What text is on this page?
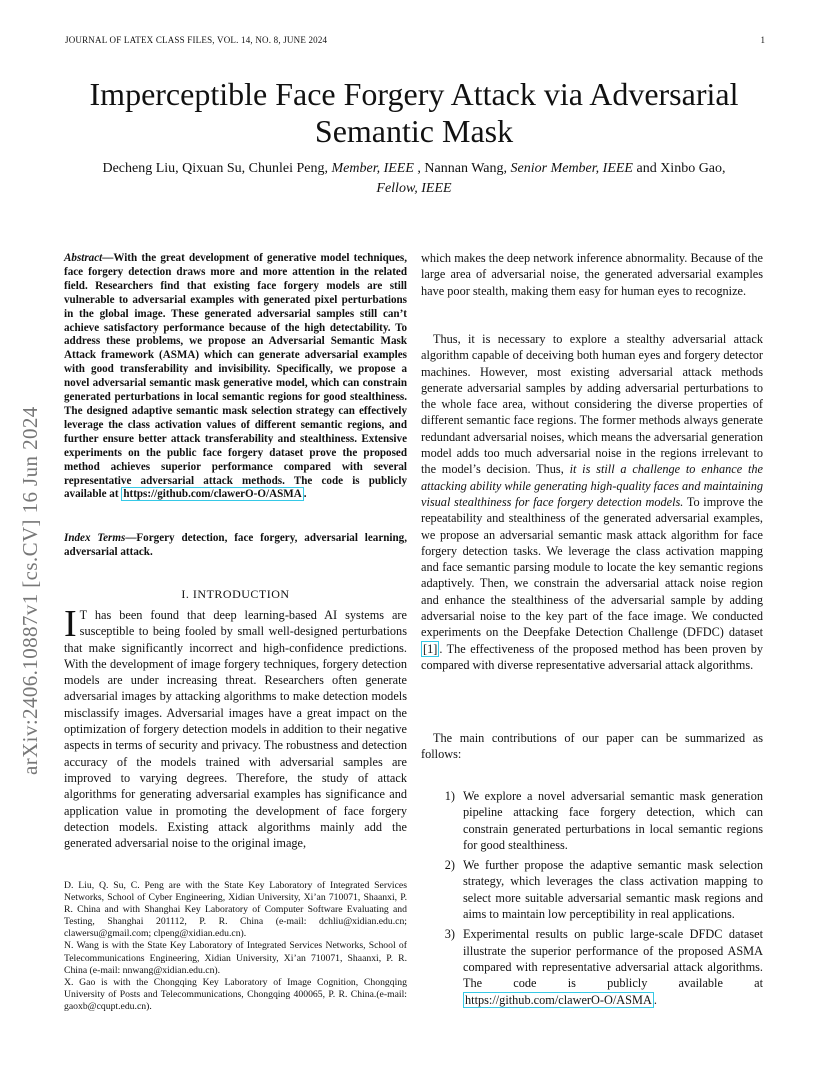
JOURNAL OF LATEX CLASS FILES, VOL. 14, NO. 8, JUNE 2024	1
arXiv:2406.10887v1 [cs.CV] 16 Jun 2024
Imperceptible Face Forgery Attack via Adversarial
Semantic Mask
Decheng Liu, Qixuan Su, Chunlei Peng, Member, IEEE , Nannan Wang, Senior Member, IEEE and Xinbo Gao,
Fellow, IEEE
Abstract—With the great development of generative model techniques, face forgery detection draws more and more attention in the related field. Researchers find that existing face forgery models are still vulnerable to adversarial examples with generated pixel perturbations in the global image. These generated adversarial samples still can’t achieve satisfactory performance because of the high detectability. To address these problems, we propose an Adversarial Semantic Mask Attack framework (ASMA) which can generate adversarial examples with good transferability and invisibility. Specifically, we propose a novel adversarial semantic mask generative model, which can constrain generated perturbations in local semantic regions for good stealthiness. The designed adaptive semantic mask selection strategy can effectively leverage the class activation values of different semantic regions, and further ensure better attack transferability and stealthiness. Extensive experiments on the public face forgery dataset prove the proposed method achieves superior performance compared with several representative adversarial attack methods. The code is publicly available at https://github.com/clawerO-O/ASMA .
Index Terms—Forgery detection, face forgery, adversarial learning, adversarial attack.
I. INTRODUCTION
I T has been found that deep learning-based AI systems are susceptible to being fooled by small well-designed perturbations that make significantly incorrect and high-confidence predictions. With the development of image forgery techniques, forgery detection models are under increasing threat. Researchers often generate adversarial images by attacking algorithms to make detection models misclassify images. Adversarial images have a great impact on the optimization of forgery detection models in addition to their negative aspects in terms of security and privacy. The robustness and detection accuracy of the models trained with adversarial samples are improved to varying degrees. Therefore, the study of attack algorithms for generating adversarial examples has significance and application value in promoting the development of face forgery detection models. Existing attack algorithms mainly add the generated adversarial noise to the original image,

D. Liu, Q. Su, C. Peng are with the State Key Laboratory of Integrated Services Networks, School of Cyber Engineering, Xidian University, Xi’an 710071, Shaanxi, P. R. China and with Shanghai Key Laboratory of Computer Software Evaluating and Testing, Shanghai 201112, P. R. China (e-mail: dchliu@xidian.edu.cn; clawersu@gmail.com; clpeng@xidian.edu.cn).

N. Wang is with the State Key Laboratory of Integrated Services Networks, School of Telecommunications Engineering, Xidian University, Xi’an 710071, Shaanxi, P. R. China (e-mail: nnwang@xidian.edu.cn).

X. Gao is with the Chongqing Key Laboratory of Image Cognition, Chongqing University of Posts and Telecommunications, Chongqing 400065, P. R. China.(e-mail: gaoxb@cqupt.edu.cn).

which makes the deep network inference abnormality. Because of the large area of adversarial noise, the generated adversarial examples have poor stealth, making them easy for human eyes to recognize.
Thus, it is necessary to explore a stealthy adversarial attack algorithm capable of deceiving both human eyes and forgery detector machines. However, most existing adversarial attack methods generate adversarial samples by adding adversarial perturbations to the whole face area, without considering the diverse properties of different semantic face regions. The former methods always generate redundant adversarial noises, which means the adversarial generation model adds too much adversarial noise in the regions irrelevant to the model’s decision. Thus, it is still a challenge to enhance the attacking ability while generating high-quality faces and maintaining visual stealthiness for face forgery detection models. To improve the repeatability and stealthiness of the generated adversarial examples, we propose an adversarial semantic mask attack algorithm for face forgery detection tasks. We leverage the class activation mapping and face semantic parsing module to locate the key semantic regions adaptively. Then, we constrain the adversarial attack noise region and enhance the stealthiness of the adversarial sample by adding adversarial noise to the key part of the face image. We conducted experiments on the Deepfake Detection Challenge (DFDC) dataset [1] . The effectiveness of the proposed method has been proven by compared with diverse representative adversarial attack algorithms.
The main contributions of our paper can be summarized as follows:
1) We explore a novel adversarial semantic mask generation pipeline attacking face forgery detection, which can constrain generated perturbations in local semantic regions for good stealthiness.
2) We further propose the adaptive semantic mask selection strategy, which leverages the class activation mapping to select more suitable adversarial semantic mask regions and aims to maintain low perceptibility in real applications.
3) Experimental results on public large-scale DFDC dataset illustrate the superior performance of the proposed ASMA compared with representative adversarial attack algorithms. The code is publicly available at https://github.com/clawerO-O/ASMA .
